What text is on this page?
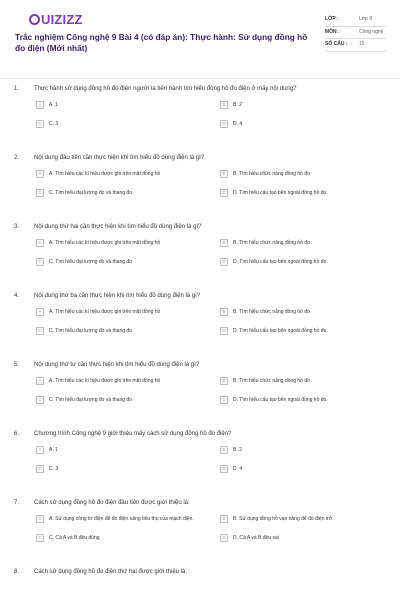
UIZIZZ
Trắc nghiệm Công nghệ 9 Bài 4 (có đáp án): Thực hành: Sử dụng đồng hồ đo điện (Mới nhất)
LỚP :	Lớp 9
MÔN :	Công nghệ
SỐ CÂU :	15
1.	Thực hành sử dụng đồng hồ đo điện người ta tiến hành tìm hiểu đồng hồ đo điện ở mấy nội dung?
A	A. 1	B	B. 2
C	C. 3	D	D. 4
2.	Nội dung đầu tiên cần thực hiện khi tìm hiểu đồ dùng điện là gì?
A	A. Tìm hiểu các kí hiệu được ghi trên mặt đồng hồ	B	B. Tìm hiểu chức năng đồng hồ đo
C	C. Tìm hiểu đại lượng đo và thang đo	D	D. Tìm hiểu cấu tạo bên ngoài đồng hồ đo.
3.	Nội dung thứ hai cần thực hiện khi tìm hiểu đồ dùng điện là gì?
A	A. Tìm hiểu các kí hiệu được ghi trên mặt đồng hồ	B	B. Tìm hiểu chức năng đồng hồ đo
C	C. Tìm hiểu đại lượng đo và thang đo	D	D. Tìm hiểu cấu tạo bên ngoài đồng hồ đo.
4.	Nội dung thứ ba cần thực hiện khi tìm hiểu đồ dùng điện là gì?
A	A. Tìm hiểu các kí hiệu được ghi trên mặt đồng hồ	B	B. Tìm hiểu chức năng đồng hồ đo
C	C. Tìm hiểu đại lượng đo và thang đo	D	D. Tìm hiểu cấu tạo bên ngoài đồng hồ đo.
5.	Nội dung thứ tư cần thực hiện khi tìm hiểu đồ dùng điện là gì?
A	A. Tìm hiểu các kí hiệu được ghi trên mặt đồng hồ	B	B. Tìm hiểu chức năng đồng hồ đo
C	C. Tìm hiểu đại lượng đo và thang đo	D	D. Tìm hiểu cấu tạo bên ngoài đồng hồ đo.
6.	Chương trình Công nghệ 9 giới thiệu mấy cách sử dụng đồng hồ đo điện?
A	A. 1	B	B. 2
C	C. 3	D	D. 4
7.	Cách sử dụng đồng hồ đo điện đầu tiên được giới thiệu là:
A	A. Sử dụng công tơ điện để đo điện năng tiêu thụ của mạch điện.	B	B. Sử dụng đồng hồ vạn năng để đo điện trở.
C	C. Cả A và B đều đúng	D	D. Cả A và B đều sai
8.	Cách sử dụng đồng hồ đo điện thứ hai được giới thiệu là:
